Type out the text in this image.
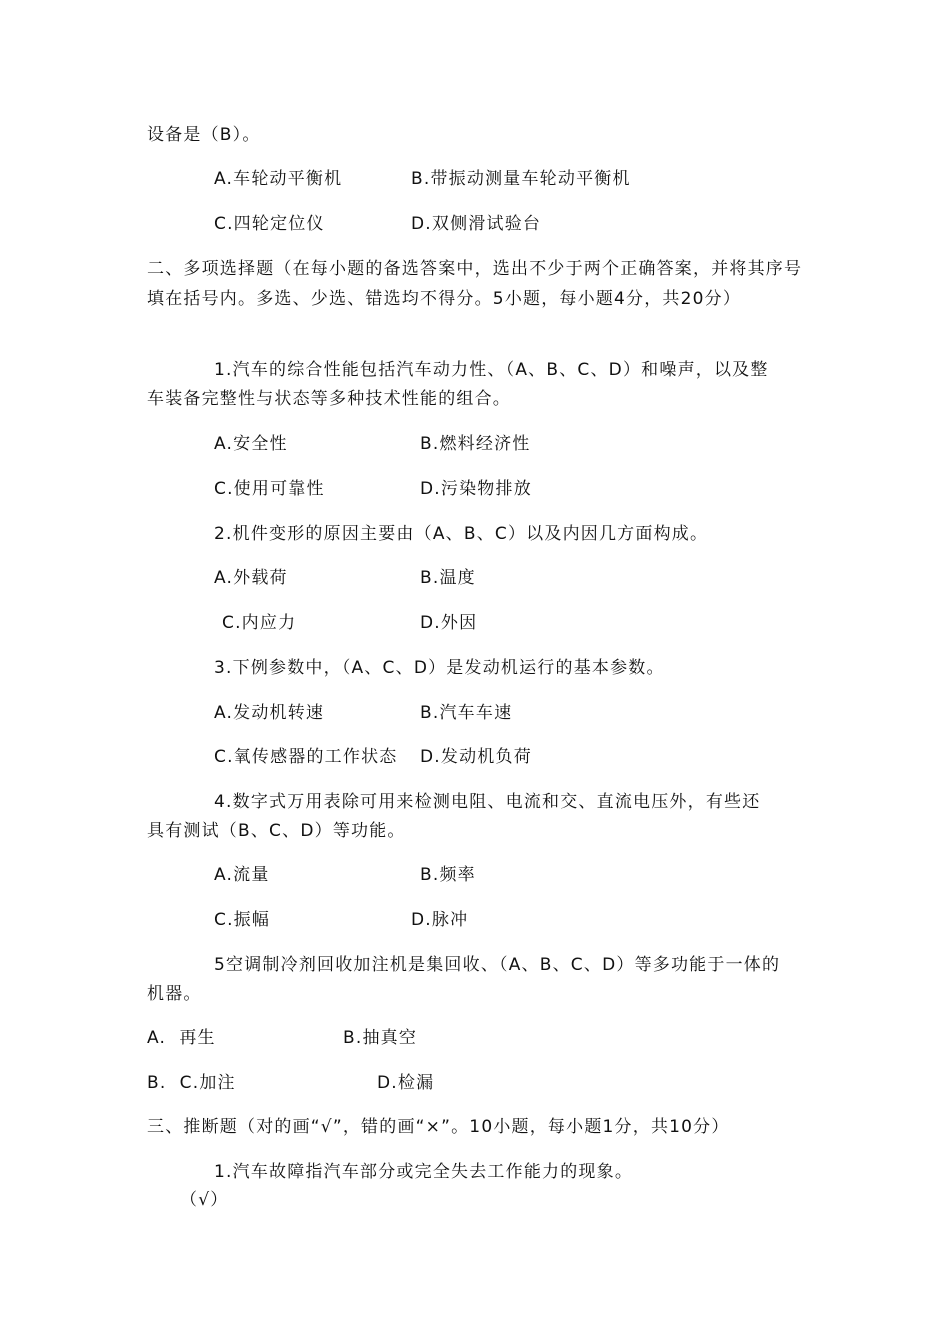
设备是（B）。
A.车轮动平衡机	B.带振动测量车轮动平衡机
C.四轮定位仪	D.双侧滑试验台
二、多项选择题（在每小题的备选答案中，选出不少于两个正确答案，并将其序号填在括号内。多选、少选、错选均不得分。5小题，每小题4分，共20分）
1.汽车的综合性能包括汽车动力性、（A、B、C、D）和噪声，以及整
车装备完整性与状态等多种技术性能的组合。
A.安全性	B.燃料经济性
C.使用可靠性	D.污染物排放
2.机件变形的原因主要由（A、B、C）以及内因几方面构成。
A.外载荷	B.温度
C.内应力	D.外因
3.下例参数中，（A、C、D）是发动机运行的基本参数。
A.发动机转速	B.汽车车速
C.氧传感器的工作状态 D.发动机负荷
4.数字式万用表除可用来检测电阻、电流和交、直流电压外，有些还
具有测试（B、C、D）等功能。
A.流量	B.频率
C.振幅	D.脉冲
5空调制冷剂回收加注机是集回收、（A、B、C、D）等多功能于一体的
机器。
A.  再生	B.抽真空
B.  C.加注	D.检漏
三、推断题（对的画“√”，错的画“×”。10小题，每小题1分，共10分）
1.汽车故障指汽车部分或完全失去工作能力的现象。
（√）
